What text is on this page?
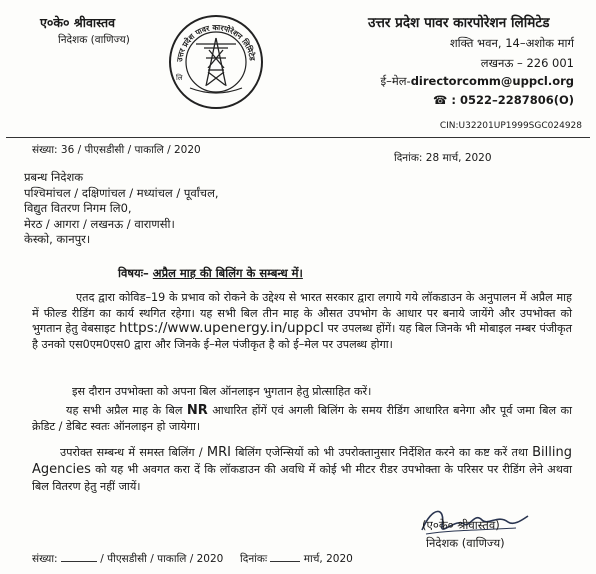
ए०के० श्रीवास्तव
निदेशक (वाणिज्य)
उत्तर प्रदेश पावर कारपोरेशन लिमिटेड
लि
उत्तर प्रदेश पावर कारपोरेशन लिमिटेड
शक्ति भवन, 14–अशोक मार्ग
लखनऊ – 226 001
ई–मेल-directorcomm@uppcl.org
☎ : 0522–2287806(O)
CIN:U32201UP1999SGC024928
संख्या: 36 / पीएसडीसी / पाकालि / 2020
दिनांक: 28 मार्च, 2020
प्रबन्ध निदेशक
पश्चिमांचल / दक्षिणांचल / मध्यांचल / पूर्वांचल,
विद्युत वितरण निगम लि0,
मेरठ / आगरा / लखनऊ / वाराणसी।
केस्को, कानपुर।
विषयः– अप्रैल माह की बिलिंग के सम्बन्ध में।
एतद द्वारा कोविड–19 के प्रभाव को रोकने के उद्देश्य से भारत सरकार द्वारा लगाये गये लॉकडाउन के अनुपालन में अप्रैल माह में फील्ड रीडिंग का कार्य स्थगित रहेगा। यह सभी बिल तीन माह के औसत उपभोग के आधार पर बनाये जायेंगे और उपभोक्त को भुगतान हेतु वेबसाइट https://www.upenergy.in/uppcl पर उपलब्ध होंगें। यह बिल जिनके भी मोबाइल नम्बर पंजीकृत है उनको एस0एम0एस0 द्वारा और जिनके ई–मेल पंजीकृत है को ई–मेल पर उपलब्ध होगा।
इस दौरान उपभोक्ता को अपना बिल ऑनलाइन भुगतान हेतु प्रोत्साहित करें।
यह सभी अप्रैल माह के बिल NR आधारित होंगें एवं अगली बिलिंग के समय रीडिंग आधारित बनेगा और पूर्व जमा बिल का क्रेडिट / डेबिट स्वतः ऑनलाइन हो जायेगा।
उपरोक्त सम्बन्ध में समस्त बिलिंग / MRI बिलिंग एजेन्सियों को भी उपरोक्तानुसार निर्देशित करने का कष्ट करें तथा Billing Agencies को यह भी अवगत करा दें कि लॉकडाउन की अवधि में कोई भी मीटर रीडर उपभोक्ता के परिसर पर रीडिंग लेने अथवा बिल वितरण हेतु नहीं जायें।
(ए०के० श्रीवास्तव)
निदेशक (वाणिज्य)
संख्या:	/ पीएसडीसी / पाकालि / 2020 दिनांकः	मार्च, 2020
